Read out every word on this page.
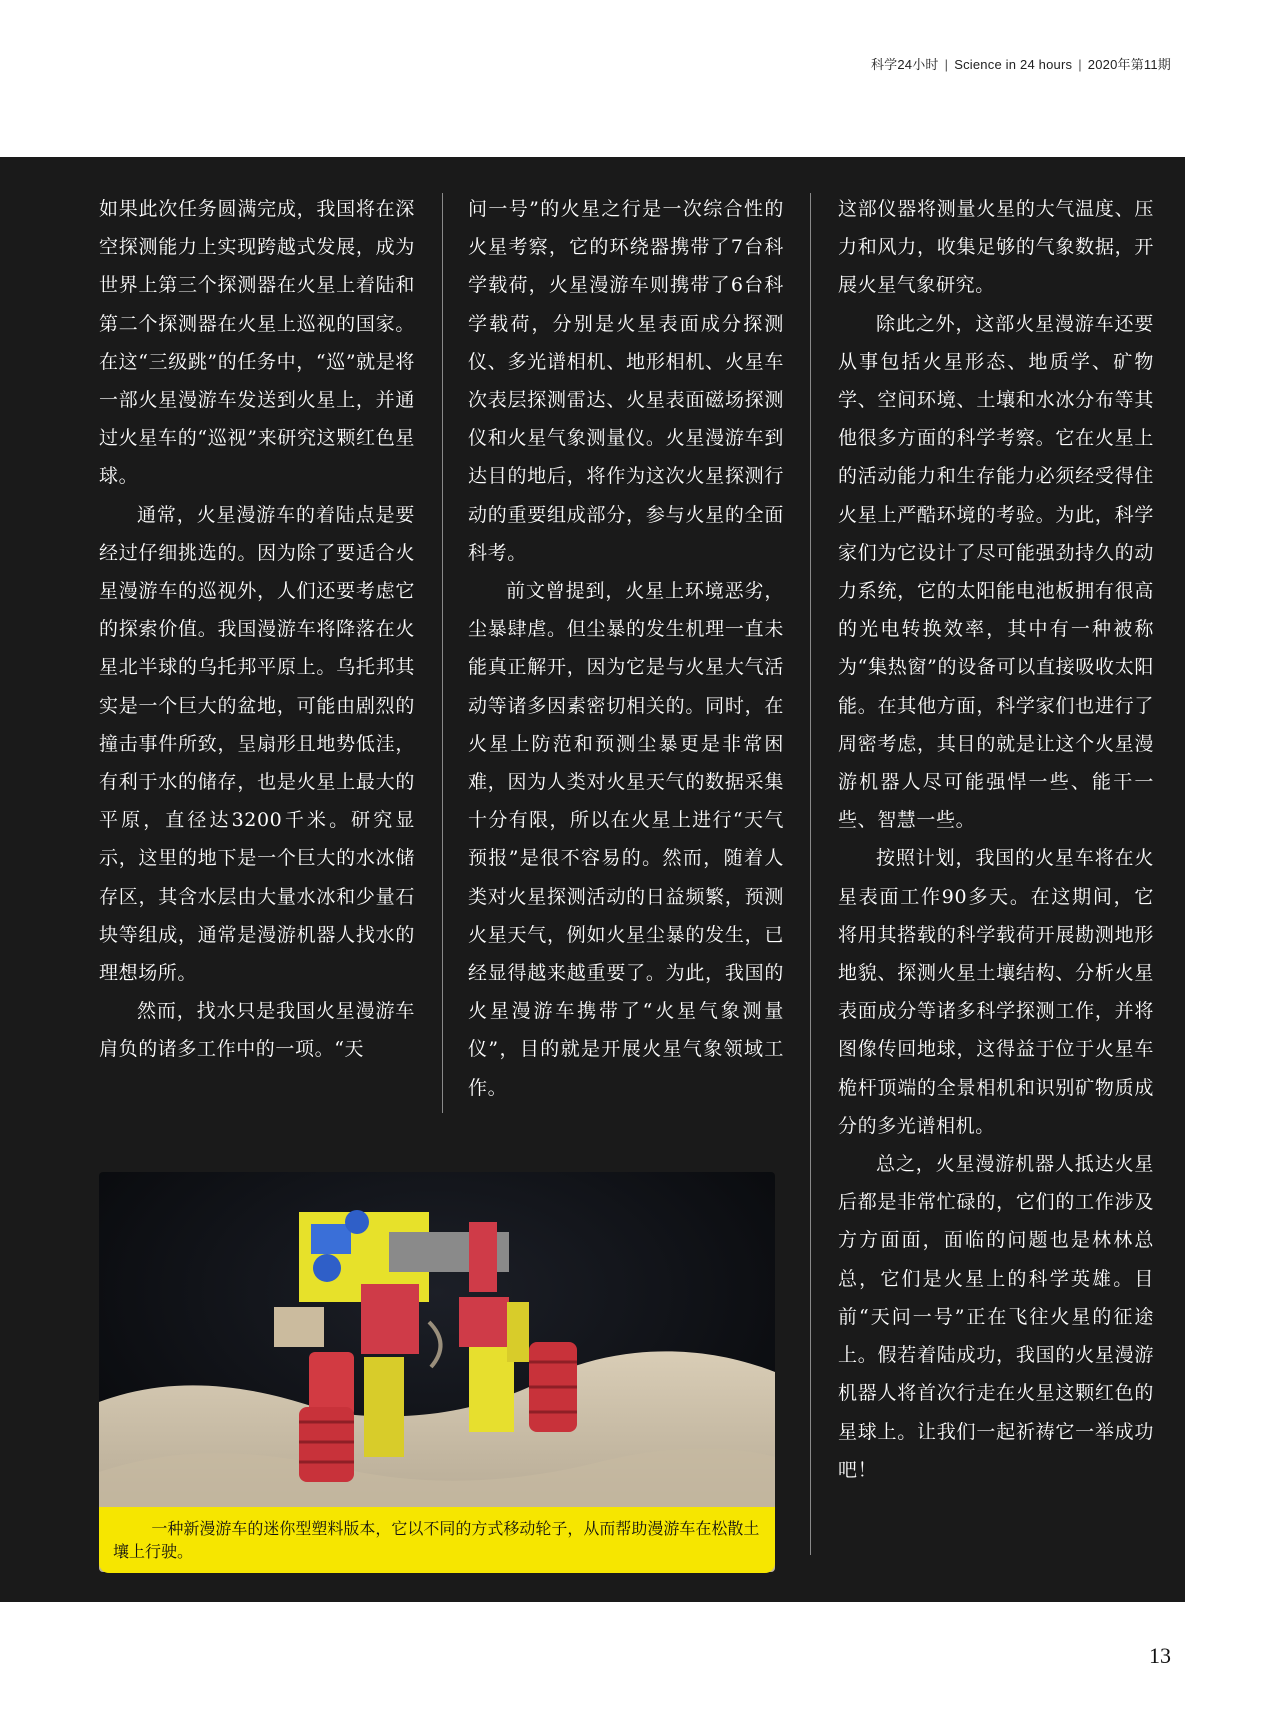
科学24小时 | Science in 24 hours | 2020年第11期

如果此次任务圆满完成，我国将在深空探测能力上实现跨越式发展，成为世界上第三个探测器在火星上着陆和第二个探测器在火星上巡视的国家。在这“三级跳”的任务中，“巡”就是将一部火星漫游车发送到火星上，并通过火星车的“巡视”来研究这颗红色星球。

通常，火星漫游车的着陆点是要经过仔细挑选的。因为除了要适合火星漫游车的巡视外，人们还要考虑它的探索价值。我国漫游车将降落在火星北半球的乌托邦平原上。乌托邦其实是一个巨大的盆地，可能由剧烈的撞击事件所致，呈扇形且地势低洼，有利于水的储存，也是火星上最大的平原，直径达3200千米。研究显示，这里的地下是一个巨大的水冰储存区，其含水层由大量水冰和少量石块等组成，通常是漫游机器人找水的理想场所。

然而，找水只是我国火星漫游车肩负的诸多工作中的一项。“天

问一号”的火星之行是一次综合性的火星考察，它的环绕器携带了7台科学载荷，火星漫游车则携带了6台科学载荷，分别是火星表面成分探测仪、多光谱相机、地形相机、火星车次表层探测雷达、火星表面磁场探测仪和火星气象测量仪。火星漫游车到达目的地后，将作为这次火星探测行动的重要组成部分，参与火星的全面科考。

前文曾提到，火星上环境恶劣，尘暴肆虐。但尘暴的发生机理一直未能真正解开，因为它是与火星大气活动等诸多因素密切相关的。同时，在火星上防范和预测尘暴更是非常困难，因为人类对火星天气的数据采集十分有限，所以在火星上进行“天气预报”是很不容易的。然而，随着人类对火星探测活动的日益频繁，预测火星天气，例如火星尘暴的发生，已经显得越来越重要了。为此，我国的火星漫游车携带了“火星气象测量仪”，目的就是开展火星气象领域工作。

这部仪器将测量火星的大气温度、压力和风力，收集足够的气象数据，开展火星气象研究。

除此之外，这部火星漫游车还要从事包括火星形态、地质学、矿物学、空间环境、土壤和水冰分布等其他很多方面的科学考察。它在火星上的活动能力和生存能力必须经受得住火星上严酷环境的考验。为此，科学家们为它设计了尽可能强劲持久的动力系统，它的太阳能电池板拥有很高的光电转换效率，其中有一种被称为“集热窗”的设备可以直接吸收太阳能。在其他方面，科学家们也进行了周密考虑，其目的就是让这个火星漫游机器人尽可能强悍一些、能干一些、智慧一些。

按照计划，我国的火星车将在火星表面工作90多天。在这期间，它将用其搭载的科学载荷开展勘测地形地貌、探测火星土壤结构、分析火星表面成分等诸多科学探测工作，并将图像传回地球，这得益于位于火星车桅杆顶端的全景相机和识别矿物质成分的多光谱相机。

总之，火星漫游机器人抵达火星后都是非常忙碌的，它们的工作涉及方方面面，面临的问题也是林林总总，它们是火星上的科学英雄。目前“天问一号”正在飞往火星的征途上。假若着陆成功，我国的火星漫游机器人将首次行走在火星这颗红色的星球上。让我们一起祈祷它一举成功吧！

一种新漫游车的迷你型塑料版本，它以不同的方式移动轮子，从而帮助漫游车在松散土壤上行驶。
13
